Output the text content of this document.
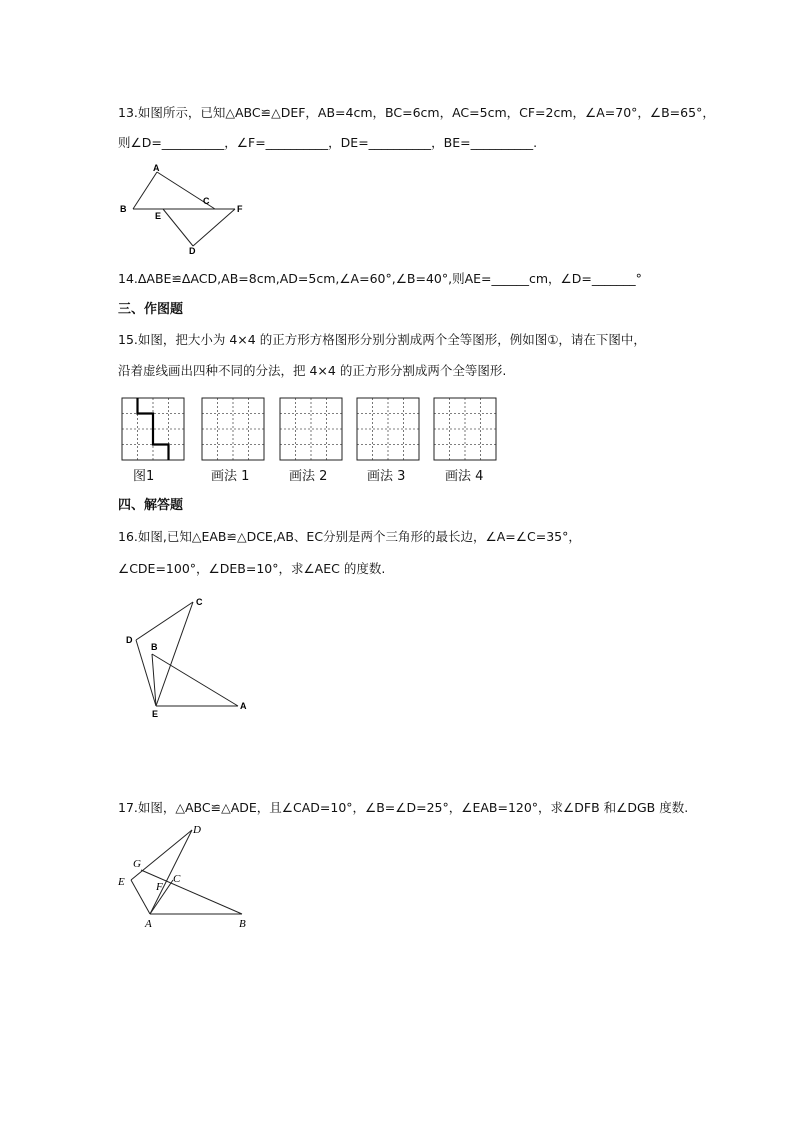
13.如图所示，已知△ABC≌△DEF，AB=4cm，BC=6cm，AC=5cm，CF=2cm，∠A=70°，∠B=65°，
则∠D=__________，∠F=__________，DE=__________，BE=__________.
A
B
C
E
F
D
14.ΔABE≌ΔACD,AB=8cm,AD=5cm,∠A=60°,∠B=40°,则AE=______cm，∠D=_______°
三、作图题
15.如图，把大小为 4×4 的正方形方格图形分别分割成两个全等图形，例如图①，请在下图中，
沿着虚线画出四种不同的分法，把 4×4 的正方形分割成两个全等图形.
图1	画法 1	画法 2	画法 3	画法 4
四、解答题
16.如图,已知△EAB≌△DCE,AB、EC分别是两个三角形的最长边，∠A=∠C=35°，
∠CDE=100°，∠DEB=10°，求∠AEC 的度数.
C
D
B
E
A
17.如图，△ABC≌△ADE，且∠CAD=10°，∠B=∠D=25°，∠EAB=120°，求∠DFB 和∠DGB 度数.
D
G
E	F
C
A	B
